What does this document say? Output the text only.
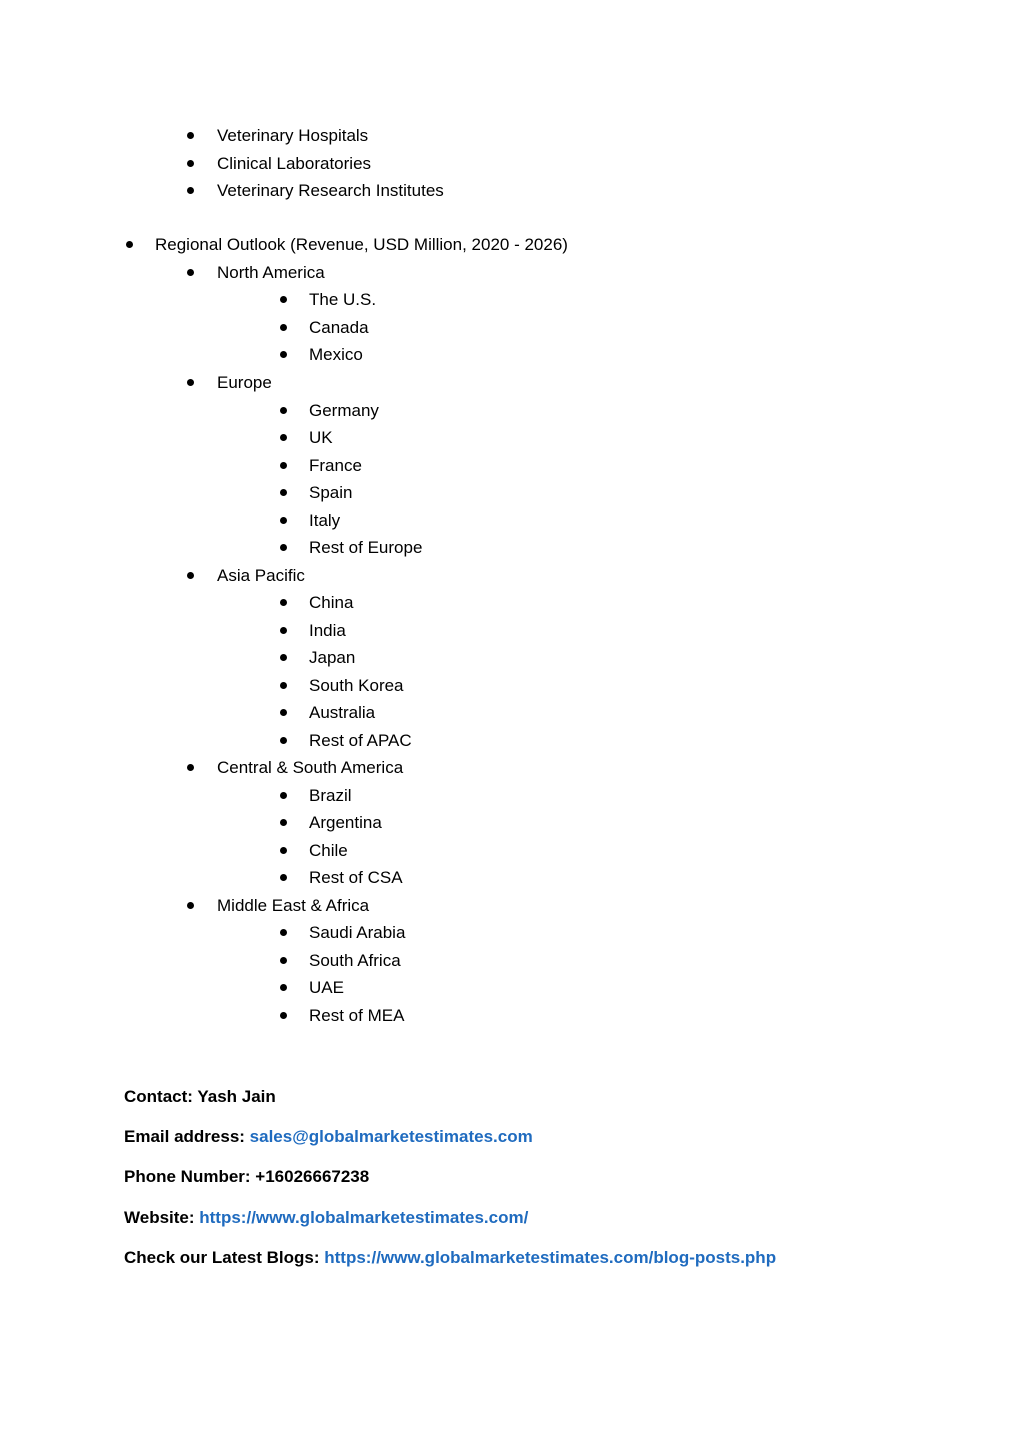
Veterinary Hospitals
Clinical Laboratories
Veterinary Research Institutes
Regional Outlook (Revenue, USD Million, 2020 - 2026)
North America
The U.S.
Canada
Mexico
Europe
Germany
UK
France
Spain
Italy
Rest of Europe
Asia Pacific
China
India
Japan
South Korea
Australia
Rest of APAC
Central & South America
Brazil
Argentina
Chile
Rest of CSA
Middle East & Africa
Saudi Arabia
South Africa
UAE
Rest of MEA
Contact: Yash Jain
Email address: sales@globalmarketestimates.com
Phone Number: +16026667238
Website: https://www.globalmarketestimates.com/
Check our Latest Blogs: https://www.globalmarketestimates.com/blog-posts.php
